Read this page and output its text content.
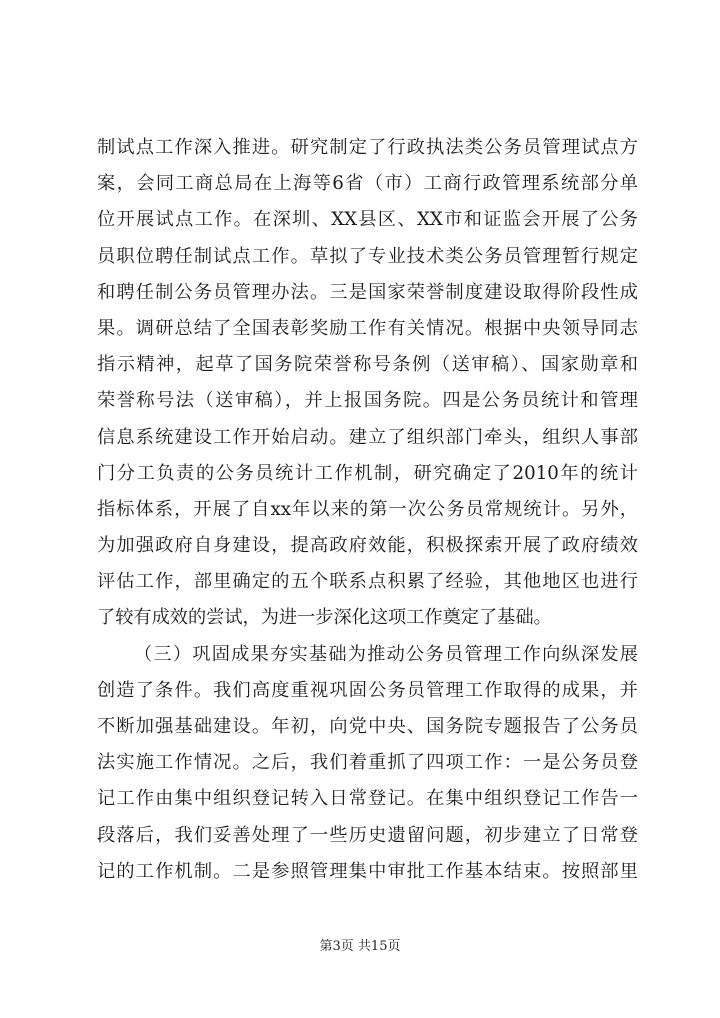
制试点工作深入推进。研究制定了行政执法类公务员管理试点方
案，会同工商总局在上海等6省（市）工商行政管理系统部分单
位开展试点工作。在深圳、XX县区、XX市和证监会开展了公务
员职位聘任制试点工作。草拟了专业技术类公务员管理暂行规定
和聘任制公务员管理办法。三是国家荣誉制度建设取得阶段性成
果。调研总结了全国表彰奖励工作有关情况。根据中央领导同志
指示精神，起草了国务院荣誉称号条例（送审稿）、国家勋章和
荣誉称号法（送审稿），并上报国务院。四是公务员统计和管理
信息系统建设工作开始启动。建立了组织部门牵头，组织人事部
门分工负责的公务员统计工作机制，研究确定了2010年的统计
指标体系，开展了自xx年以来的第一次公务员常规统计。另外，
为加强政府自身建设，提高政府效能，积极探索开展了政府绩效
评估工作，部里确定的五个联系点积累了经验，其他地区也进行
了较有成效的尝试，为进一步深化这项工作奠定了基础。
（三）巩固成果夯实基础为推动公务员管理工作向纵深发展
创造了条件。我们高度重视巩固公务员管理工作取得的成果，并
不断加强基础建设。年初，向党中央、国务院专题报告了公务员
法实施工作情况。之后，我们着重抓了四项工作：一是公务员登
记工作由集中组织登记转入日常登记。在集中组织登记工作告一
段落后，我们妥善处理了一些历史遗留问题，初步建立了日常登
记的工作机制。二是参照管理集中审批工作基本结束。按照部里
第3页 共15页
